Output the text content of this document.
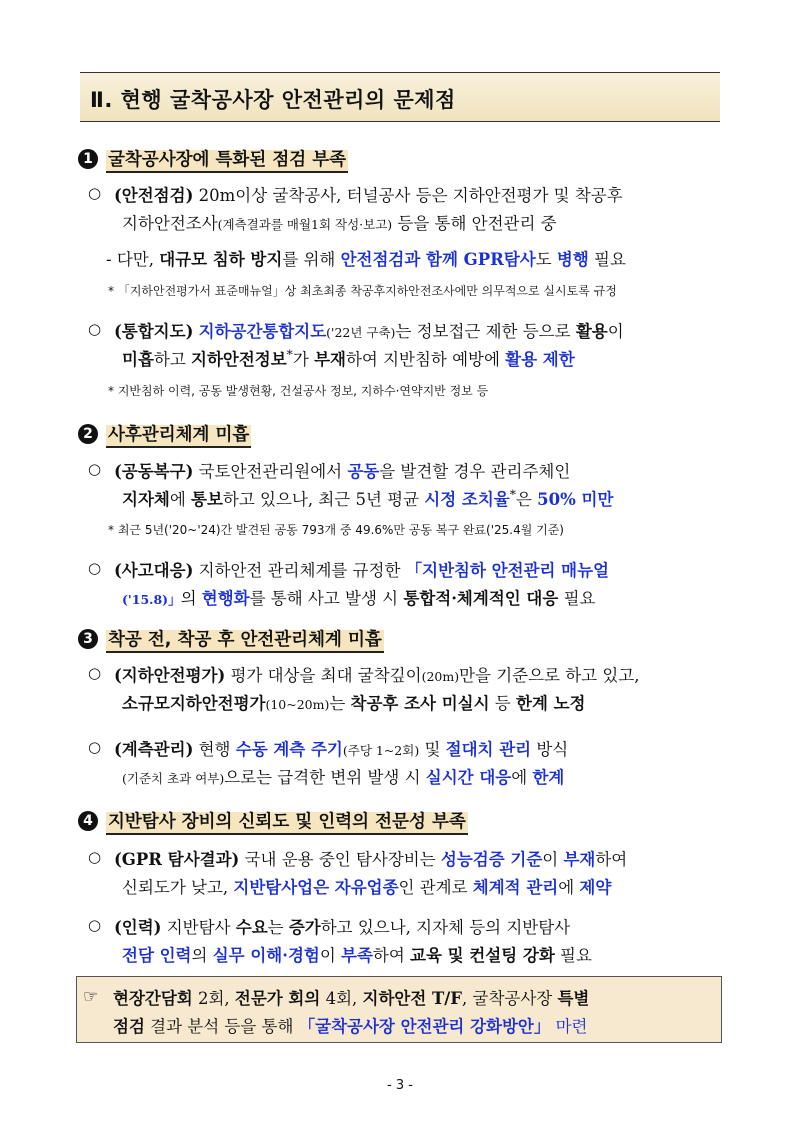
Ⅱ. 현행 굴착공사장 안전관리의 문제점
1 굴착공사장에 특화된 점검 부족
○ (안전점검) 20m이상 굴착공사, 터널공사 등은 지하안전평가 및 착공후
지하안전조사(계측결과를 매월1회 작성·보고) 등을 통해 안전관리 중
- 다만, 대규모 침하 방지를 위해 안전점검과 함께 GPR탐사도 병행 필요
* 「지하안전평가서 표준매뉴얼」상 최초최종 착공후지하안전조사에만 의무적으로 실시토록 규정
○ (통합지도) 지하공간통합지도('22년 구축)는 정보접근 제한 등으로 활용이
미흡하고 지하안전정보*가 부재하여 지반침하 예방에 활용 제한
* 지반침하 이력, 공동 발생현황, 건설공사 정보, 지하수·연약지반 정보 등
2 사후관리체계 미흡
○ (공동복구) 국토안전관리원에서 공동을 발견할 경우 관리주체인
지자체에 통보하고 있으나, 최근 5년 평균 시정 조치율*은 50% 미만
* 최근 5년('20~'24)간 발견된 공동 793개 중 49.6%만 공동 복구 완료('25.4월 기준)
○ (사고대응) 지하안전 관리체계를 규정한 「지반침하 안전관리 매뉴얼
('15.8)」의 현행화를 통해 사고 발생 시 통합적·체계적인 대응 필요
3 착공 전, 착공 후 안전관리체계 미흡
○ (지하안전평가) 평가 대상을 최대 굴착깊이(20m)만을 기준으로 하고 있고,
소규모지하안전평가(10~20m)는 착공후 조사 미실시 등 한계 노정
○ (계측관리) 현행 수동 계측 주기(주당 1~2회) 및 절대치 관리 방식
(기준치 초과 여부)으로는 급격한 변위 발생 시 실시간 대응에 한계
4 지반탐사 장비의 신뢰도 및 인력의 전문성 부족
○ (GPR 탐사결과) 국내 운용 중인 탐사장비는 성능검증 기준이 부재하여
신뢰도가 낮고, 지반탐사업은 자유업종인 관계로 체계적 관리에 제약
○ (인력) 지반탐사 수요는 증가하고 있으나, 지자체 등의 지반탐사
전담 인력의 실무 이해·경험이 부족하여 교육 및 컨설팅 강화 필요
☞ 현장간담회 2회, 전문가 회의 4회, 지하안전 T/F, 굴착공사장 특별
점검 결과 분석 등을 통해 「굴착공사장 안전관리 강화방안」 마련
- 3 -
